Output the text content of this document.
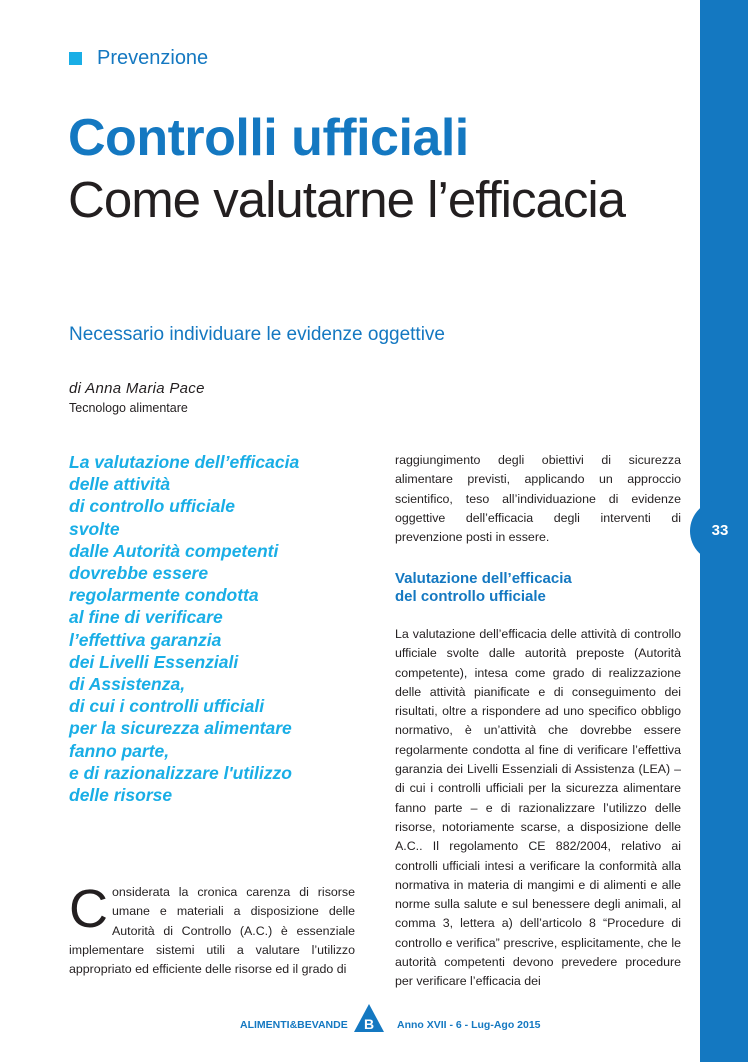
33
Prevenzione
Controlli ufficiali
Come valutarne l’efficacia
Necessario individuare le evidenze oggettive
di Anna Maria Pace
Tecnologo alimentare
La valutazione dell’efficacia
delle attività
di controllo ufficiale
svolte
dalle Autorità competenti
dovrebbe essere
regolarmente condotta
al fine di verificare
l’effettiva garanzia
dei Livelli Essenziali
di Assistenza,
di cui i controlli ufficiali
per la sicurezza alimentare
fanno parte,
e di razionalizzare l'utilizzo
delle risorse
Considerata la cronica carenza di risorse umane e materiali a disposizione delle Autorità di Controllo (A.C.) è essenziale implementare sistemi utili a valutare l’utilizzo appropriato ed efficiente delle risorse ed il grado di
raggiungimento degli obiettivi di sicurezza alimentare previsti, applicando un approccio scientifico, teso all’individuazione di evidenze oggettive dell’efficacia degli interventi di prevenzione posti in essere.
Valutazione dell’efficacia
del controllo ufficiale
La valutazione dell’efficacia delle attività di controllo ufficiale svolte dalle autorità preposte (Autorità competente), intesa come grado di realizzazione delle attività pianificate e di conseguimento dei risultati, oltre a rispondere ad uno specifico obbligo normativo, è un’attività che dovrebbe essere regolarmente condotta al fine di verificare l’effettiva garanzia dei Livelli Essenziali di Assistenza (LEA) – di cui i controlli ufficiali per la sicurezza alimentare fanno parte – e di razionalizzare l’utilizzo delle risorse, notoriamente scarse, a disposizione delle A.C.. Il regolamento CE 882/2004, relativo ai controlli ufficiali intesi a verificare la conformità alla normativa in materia di mangimi e di alimenti e alle norme sulla salute e sul benessere degli animali, al comma 3, lettera a) dell’articolo 8 “Procedure di controllo e verifica” prescrive, esplicitamente, che le autorità competenti devono prevedere procedure per verificare l’efficacia dei
ALIMENTI&BEVANDE B Anno XVII - 6 - Lug-Ago 2015
